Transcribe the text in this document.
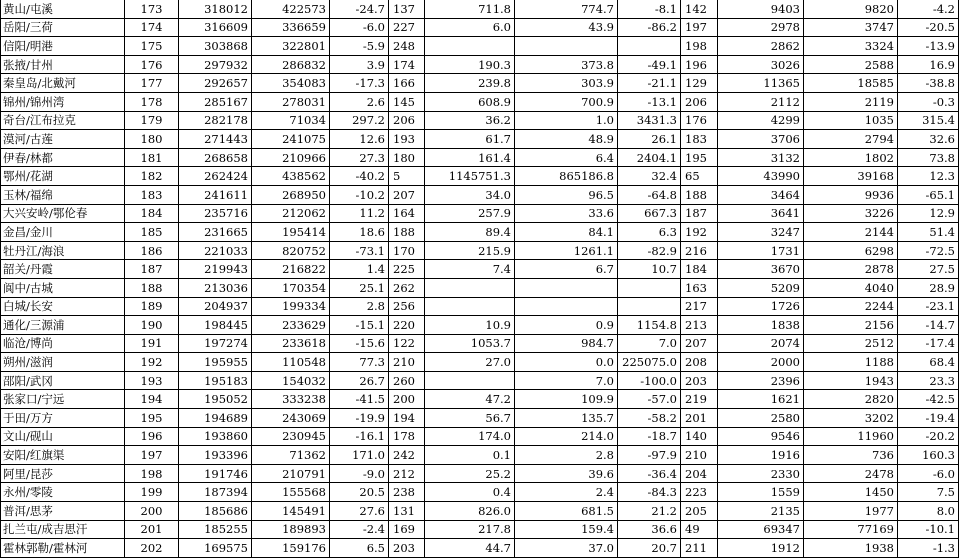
黄山/屯溪	173	318012	422573	-24.7	137	711.8	774.7	-8.1	142	9403	9820	-4.2
岳阳/三荷	174	316609	336659	-6.0	227	6.0	43.9	-86.2	197	2978	3747	-20.5
信阳/明港	175	303868	322801	-5.9	248				198	2862	3324	-13.9
张掖/甘州	176	297932	286832	3.9	174	190.3	373.8	-49.1	196	3026	2588	16.9
秦皇岛/北戴河	177	292657	354083	-17.3	166	239.8	303.9	-21.1	129	11365	18585	-38.8
锦州/锦州湾	178	285167	278031	2.6	145	608.9	700.9	-13.1	206	2112	2119	-0.3
奇台/江布拉克	179	282178	71034	297.2	206	36.2	1.0	3431.3	176	4299	1035	315.4
漠河/古莲	180	271443	241075	12.6	193	61.7	48.9	26.1	183	3706	2794	32.6
伊春/林都	181	268658	210966	27.3	180	161.4	6.4	2404.1	195	3132	1802	73.8
鄂州/花湖	182	262424	438562	-40.2	5	1145751.3	865186.8	32.4	65	43990	39168	12.3
玉林/福绵	183	241611	268950	-10.2	207	34.0	96.5	-64.8	188	3464	9936	-65.1
大兴安岭/鄂伦春	184	235716	212062	11.2	164	257.9	33.6	667.3	187	3641	3226	12.9
金昌/金川	185	231665	195414	18.6	188	89.4	84.1	6.3	192	3247	2144	51.4
牡丹江/海浪	186	221033	820752	-73.1	170	215.9	1261.1	-82.9	216	1731	6298	-72.5
韶关/丹霞	187	219943	216822	1.4	225	7.4	6.7	10.7	184	3670	2878	27.5
阆中/古城	188	213036	170354	25.1	262				163	5209	4040	28.9
白城/长安	189	204937	199334	2.8	256				217	1726	2244	-23.1
通化/三源浦	190	198445	233629	-15.1	220	10.9	0.9	1154.8	213	1838	2156	-14.7
临沧/博尚	191	197274	233618	-15.6	122	1053.7	984.7	7.0	207	2074	2512	-17.4
朔州/滋润	192	195955	110548	77.3	210	27.0	0.0	225075.0	208	2000	1188	68.4
邵阳/武冈	193	195183	154032	26.7	260		7.0	-100.0	203	2396	1943	23.3
张家口/宁远	194	195052	333238	-41.5	200	47.2	109.9	-57.0	219	1621	2820	-42.5
于田/万方	195	194689	243069	-19.9	194	56.7	135.7	-58.2	201	2580	3202	-19.4
文山/砚山	196	193860	230945	-16.1	178	174.0	214.0	-18.7	140	9546	11960	-20.2
安阳/红旗渠	197	193396	71362	171.0	242	0.1	2.8	-97.9	210	1916	736	160.3
阿里/昆莎	198	191746	210791	-9.0	212	25.2	39.6	-36.4	204	2330	2478	-6.0
永州/零陵	199	187394	155568	20.5	238	0.4	2.4	-84.3	223	1559	1450	7.5
普洱/思茅	200	185686	145491	27.6	131	826.0	681.5	21.2	205	2135	1977	8.0
扎兰屯/成吉思汗	201	185255	189893	-2.4	169	217.8	159.4	36.6	49	69347	77169	-10.1
霍林郭勒/霍林河	202	169575	159176	6.5	203	44.7	37.0	20.7	211	1912	1938	-1.3
